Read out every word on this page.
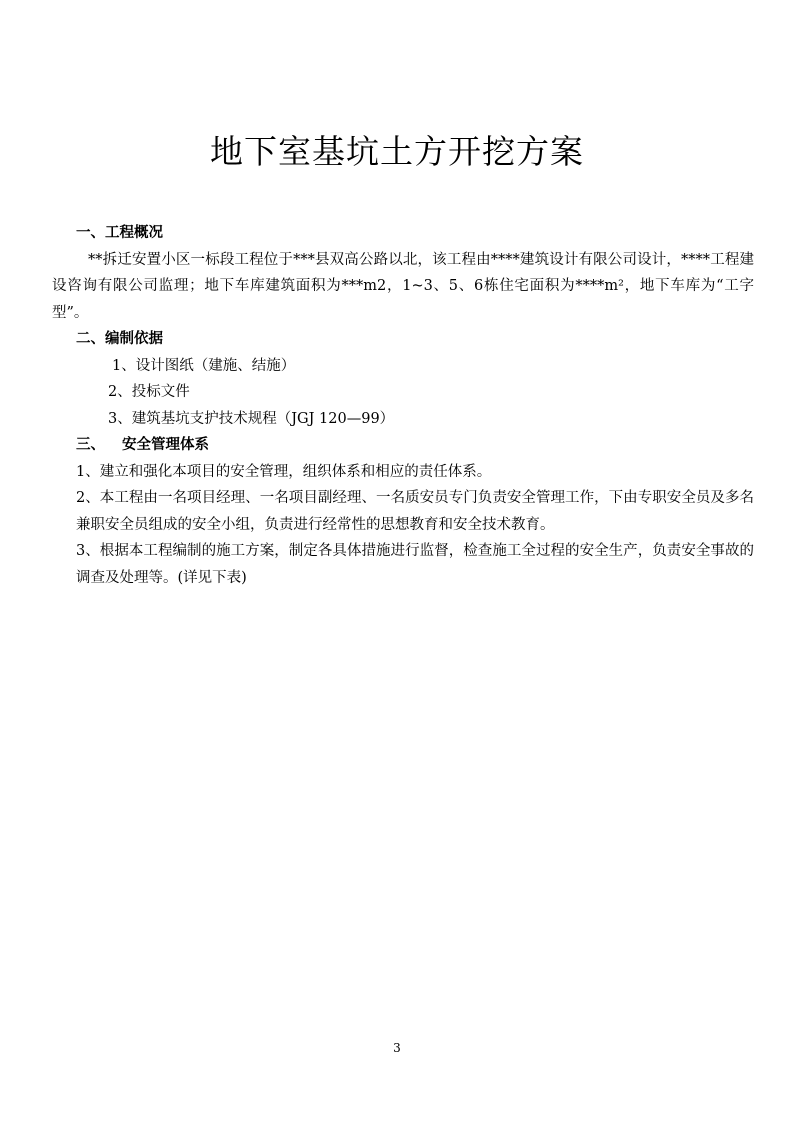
地下室基坑土方开挖方案

一、工程概况

**拆迁安置小区一标段工程位于***县双高公路以北，该工程由****建筑设计有限公司设计，****工程建设咨询有限公司监理；地下车库建筑面积为***m2，1~3、5、6栋住宅面积为****m²，地下车库为“工字型”。

二、编制依据

1、设计图纸（建施、结施）

2、投标文件

3、建筑基坑支护技术规程（JGJ 120—99）

三、 安全管理体系

1、建立和强化本项目的安全管理，组织体系和相应的责任体系。

2、本工程由一名项目经理、一名项目副经理、一名质安员专门负责安全管理工作，下由专职安全员及多名兼职安全员组成的安全小组，负责进行经常性的思想教育和安全技术教育。

3、根据本工程编制的施工方案，制定各具体措施进行监督，检查施工全过程的安全生产，负责安全事故的调查及处理等。(详见下表)

3
